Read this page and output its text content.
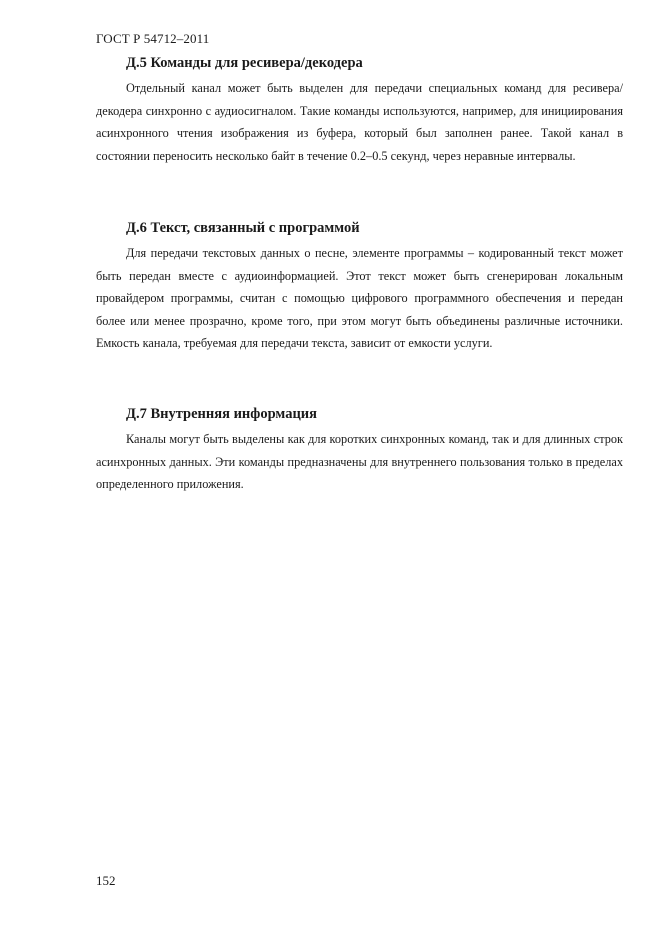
ГОСТ Р 54712–2011
Д.5 Команды для ресивера/декодера

Отдельный канал может быть выделен для передачи специальных команд для ресивера/декодера синхронно с аудиосигналом. Такие команды используются, например, для инициирования асинхронного чтения изображения из буфера, который был заполнен ранее. Такой канал в состоянии переносить несколько байт в течение 0.2–0.5 секунд, через неравные интервалы.

Д.6 Текст, связанный с программой

Для передачи текстовых данных о песне, элементе программы – кодированный текст может быть передан вместе с аудиоинформацией. Этот текст может быть сгенерирован локальным провайдером программы, считан с помощью цифрового программного обеспечения и передан более или менее прозрачно, кроме того, при этом могут быть объединены различные источники. Емкость канала, требуемая для передачи текста, зависит от емкости услуги.

Д.7 Внутренняя информация

Каналы могут быть выделены как для коротких синхронных команд, так и для длинных строк асинхронных данных. Эти команды предназначены для внутреннего пользования только в пределах определенного приложения.

152
